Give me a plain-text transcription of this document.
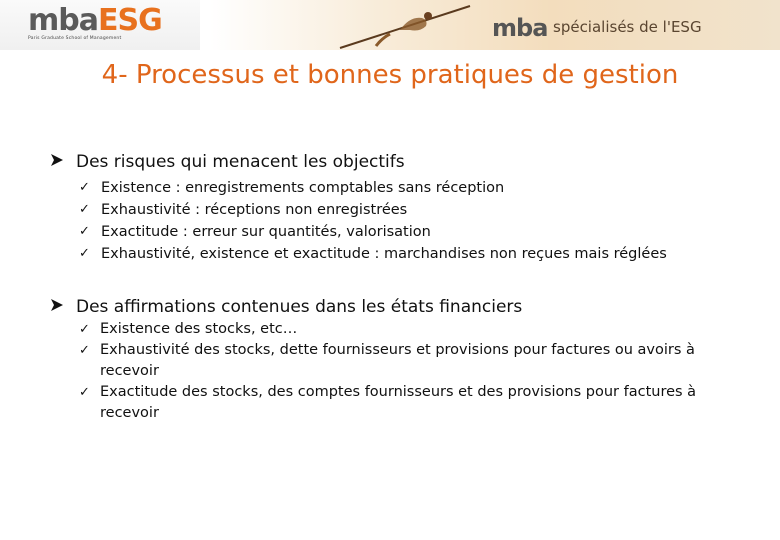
mbaESG
Paris Graduate School of Management	mba spécialisés de l'ESG
4- Processus et bonnes pratiques de gestion
Des risques qui menacent les objectifs
✓ Existence : enregistrements comptables sans réception
✓ Exhaustivité : réceptions non enregistrées
✓ Exactitude : erreur sur quantités, valorisation
✓ Exhaustivité, existence et exactitude : marchandises non reçues mais réglées
Des affirmations contenues dans les états financiers
✓ Existence des stocks, etc…
✓ Exhaustivité des stocks, dette fournisseurs et provisions pour factures ou avoirs à recevoir
✓ Exactitude des stocks, des comptes fournisseurs et des provisions pour factures à recevoir
